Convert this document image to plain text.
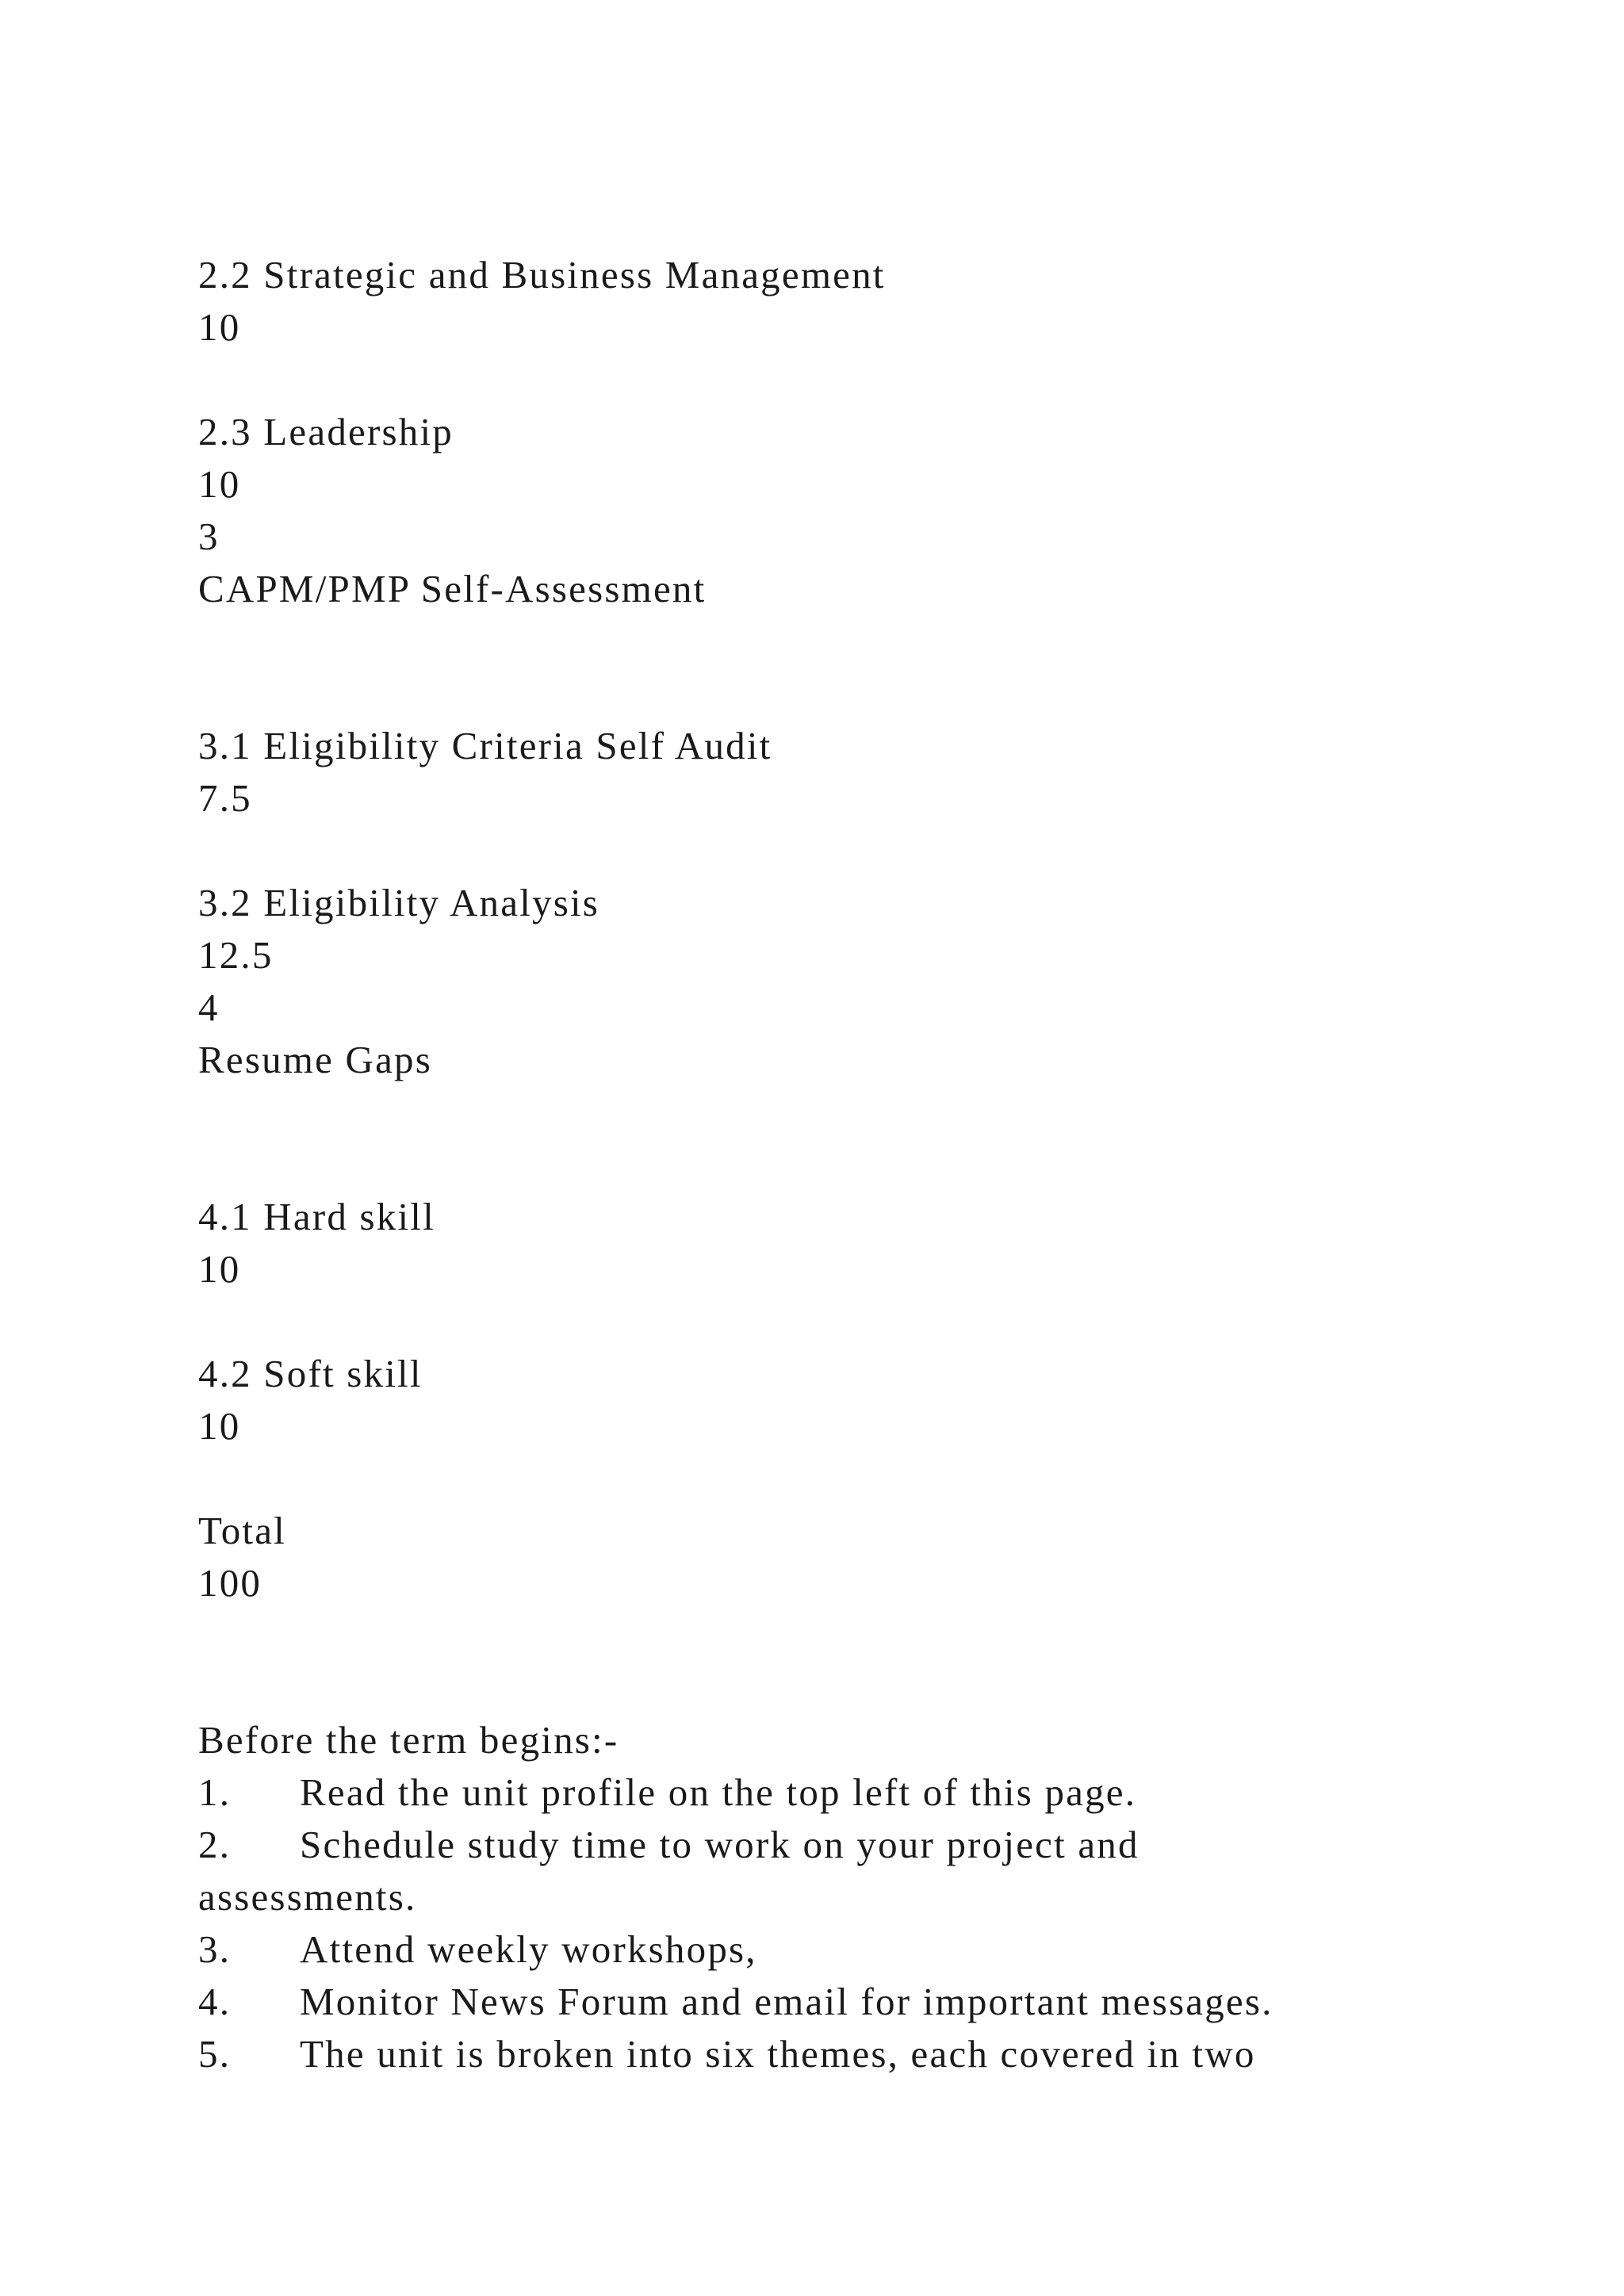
2.2 Strategic and Business Management
10
2.3 Leadership
10
3
CAPM/PMP Self-Assessment
3.1 Eligibility Criteria Self Audit
7.5
3.2 Eligibility Analysis
12.5
4
Resume Gaps
4.1 Hard skill
10
4.2 Soft skill
10
Total
100
Before the term begins:-
1. Read the unit profile on the top left of this page.
2. Schedule study time to work on your project and
assessments.
3. Attend weekly workshops,
4. Monitor News Forum and email for important messages.
5. The unit is broken into six themes, each covered in two
